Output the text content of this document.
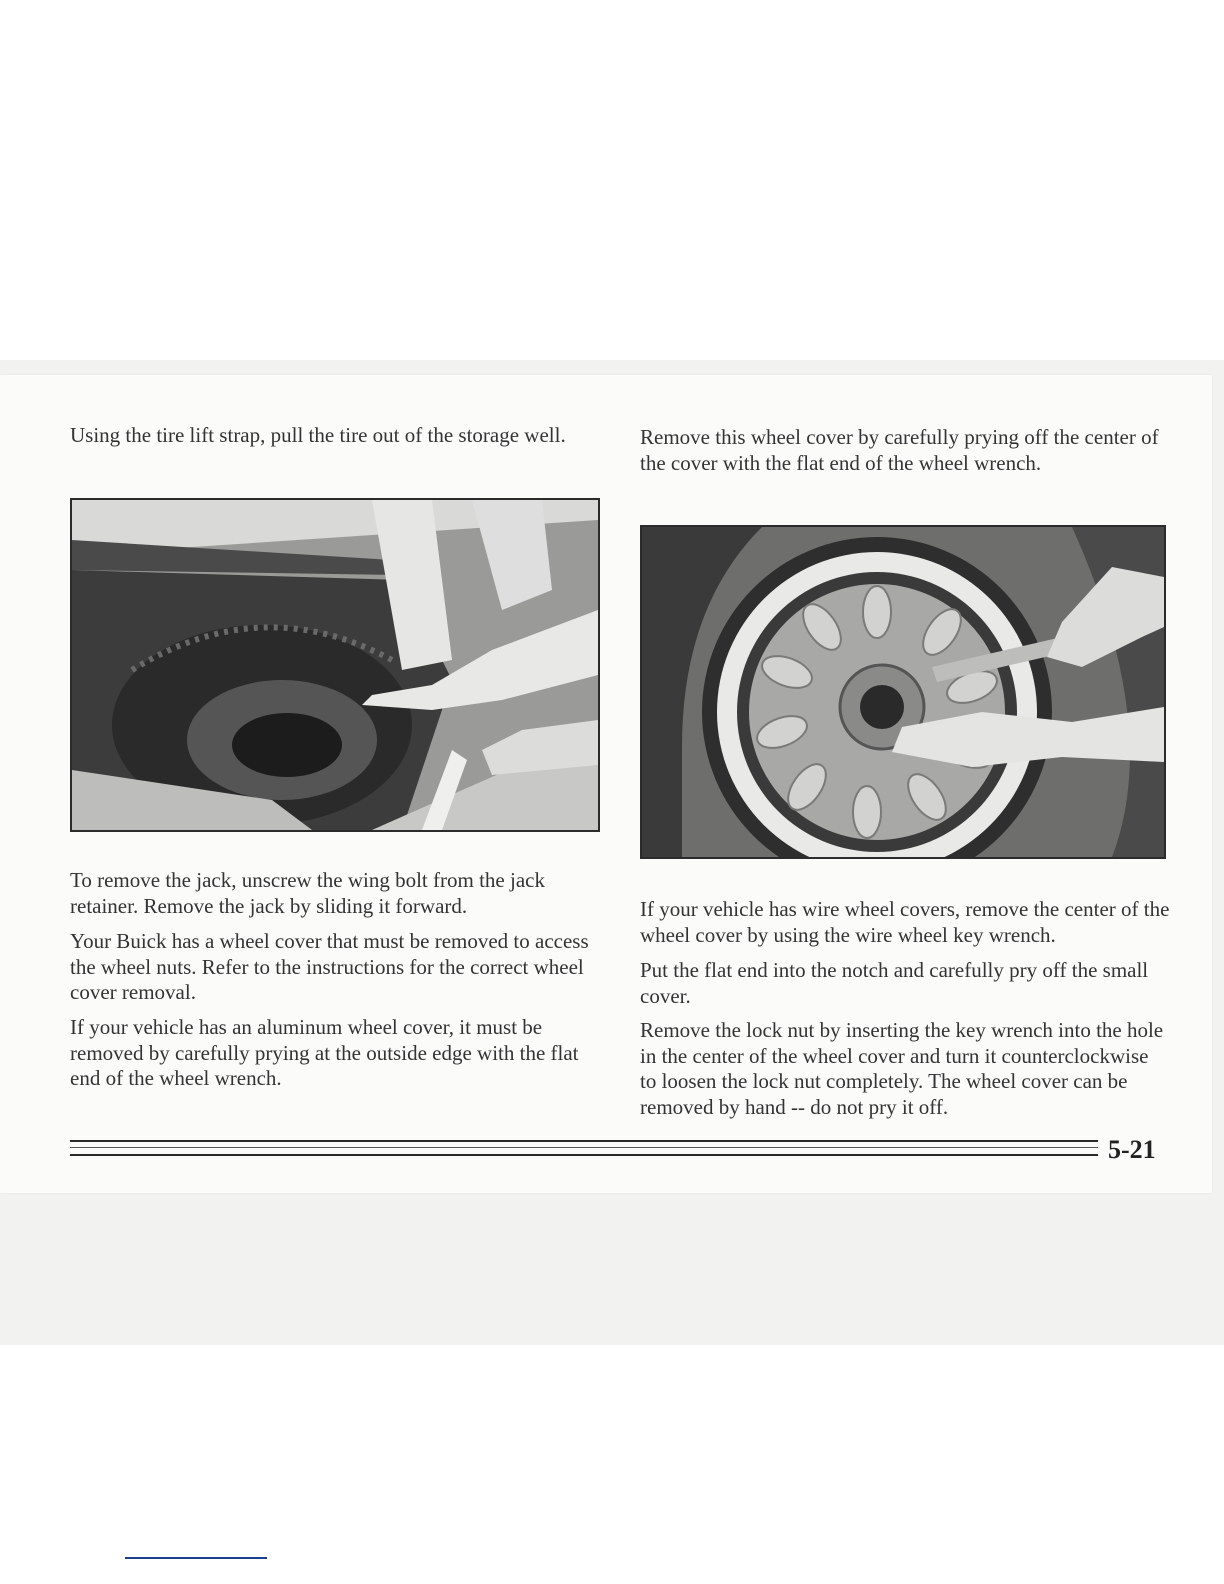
Using the tire lift strap, pull the tire out of the storage well.

To remove the jack, unscrew the wing bolt from the jack retainer. Remove the jack by sliding it forward.

Your Buick has a wheel cover that must be removed to access the wheel nuts. Refer to the instructions for the correct wheel cover removal.

If your vehicle has an aluminum wheel cover, it must be removed by carefully prying at the outside edge with the flat end of the wheel wrench.

Remove this wheel cover by carefully prying off the center of the cover with the flat end of the wheel wrench.

If your vehicle has wire wheel covers, remove the center of the wheel cover by using the wire wheel key wrench.

Put the flat end into the notch and carefully pry off the small cover.

Remove the lock nut by inserting the key wrench into the hole in the center of the wheel cover and turn it counterclockwise to loosen the lock nut completely. The wheel cover can be removed by hand -- do not pry it off.

5-21
